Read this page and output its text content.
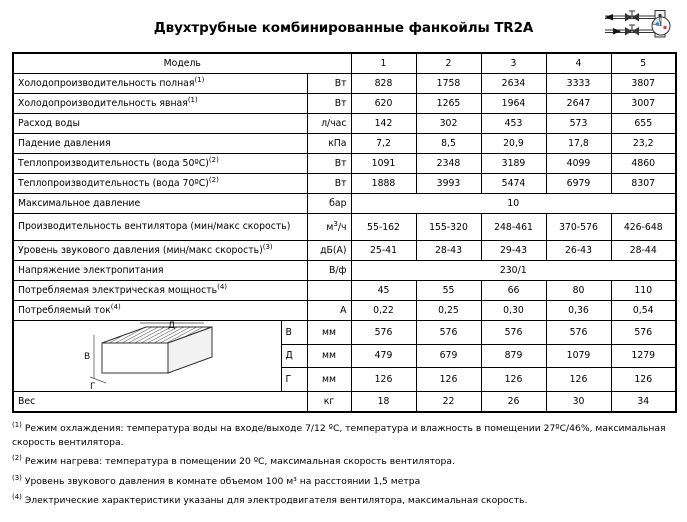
Двухтрубные комбинированные фанкойлы TR2A
Модель			1	2	3	4	5
Холодопроизводительность полная$^{(1)}$		Вт	828	1758	2634	3333	3807
Холодопроизводительность явная$^{(1)}$		Вт	620	1265	1964	2647	3007
Расход воды		л/час	142	302	453	573	655
Падение давления		кПа	7,2	8,5	20,9	17,8	23,2
Теплопроизводительность (вода 50ºC)$^{(2)}$		Вт	1091	2348	3189	4099	4860
Теплопроизводительность (вода 70ºC)$^{(2)}$		Вт	1888	3993	5474	6979	8307
Максимальное давление		бар	10				
Производительность вентилятора (мин/макс скорость)		$м^3/ч$	55-162	155-320	248-461	370-576	426-648
Уровень звукового давления (мин/макс скорость)$^{(3)}$		дБ(А)	25-41	28-43	29-43	26-43	28-44
Напряжение электропитания		В/ф	230/1				
Потребляемая электрическая мощность$^{(4)}$			45	55	66	80	110
Потребляемый ток$^{(4)}$		А	0,22	0,25	0,30	0,36	0,54

В
Д
Г	В	мм	576	576	576	576	576
	Д	мм	479	679	879	1079	1279
	Г	мм	126	126	126	126	126
Вес		кг	18	22	26	30	34
$^{(1)}$ Режим охлаждения: температура воды на входе/выходе 7/12 ºC, температура и влажность в помещении 27ºC/46%, максимальная скорость вентилятора.
$^{(2)}$ Режим нагрева: температура в помещении 20 ºC, максимальная скорость вентилятора.
$^{(3)}$ Уровень звукового давления в комнате объемом 100 м³ на расстоянии 1,5 метра
$^{(4)}$ Электрические характеристики указаны для электродвигателя вентилятора, максимальная скорость.
